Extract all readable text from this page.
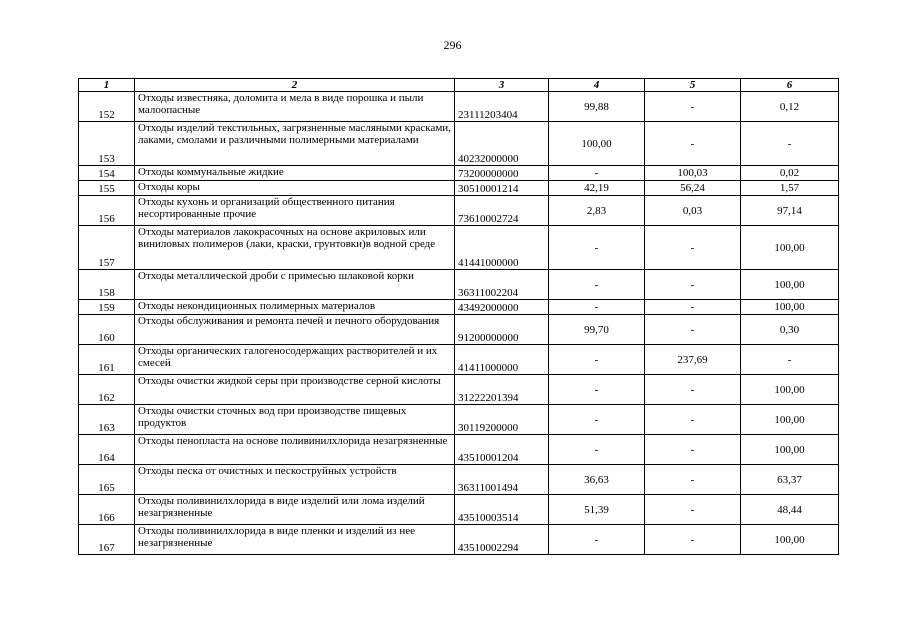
296
1	2	3	4	5	6
152	Отходы известняка, доломита и мела в виде порошка и пыли малоопасные	23111203404	99,88	-	0,12
153	Отходы изделий текстильных, загрязненные масляными красками, лаками, смолами и различными полимерными материалами	40232000000	100,00	-	-
154	Отходы коммунальные жидкие	73200000000	-	100,03	0,02
155	Отходы коры	30510001214	42,19	56,24	1,57
156	Отходы кухонь и организаций общественного питания несортированные прочие	73610002724	2,83	0,03	97,14
157	Отходы материалов лакокрасочных на основе акриловых или виниловых полимеров (лаки, краски, грунтовки)в водной среде	41441000000	-	-	100,00
158	Отходы металлической дроби с примесью шлаковой корки	36311002204	-	-	100,00
159	Отходы некондиционных полимерных материалов	43492000000	-	-	100,00
160	Отходы обслуживания и ремонта печей и печного оборудования	91200000000	99,70	-	0,30
161	Отходы органических галогеносодержащих растворителей и их смесей	41411000000	-	237,69	-
162	Отходы очистки жидкой серы при производстве серной кислоты	31222201394	-	-	100,00
163	Отходы очистки сточных вод при производстве пищевых продуктов	30119200000	-	-	100,00
164	Отходы пенопласта на основе поливинилхлорида незагрязненные	43510001204	-	-	100,00
165	Отходы песка от очистных и пескоструйных устройств	36311001494	36,63	-	63,37
166	Отходы поливинилхлорида в виде изделий или лома изделий незагрязненные	43510003514	51,39	-	48,44
167	Отходы поливинилхлорида в виде пленки и изделий из нее незагрязненные	43510002294	-	-	100,00
